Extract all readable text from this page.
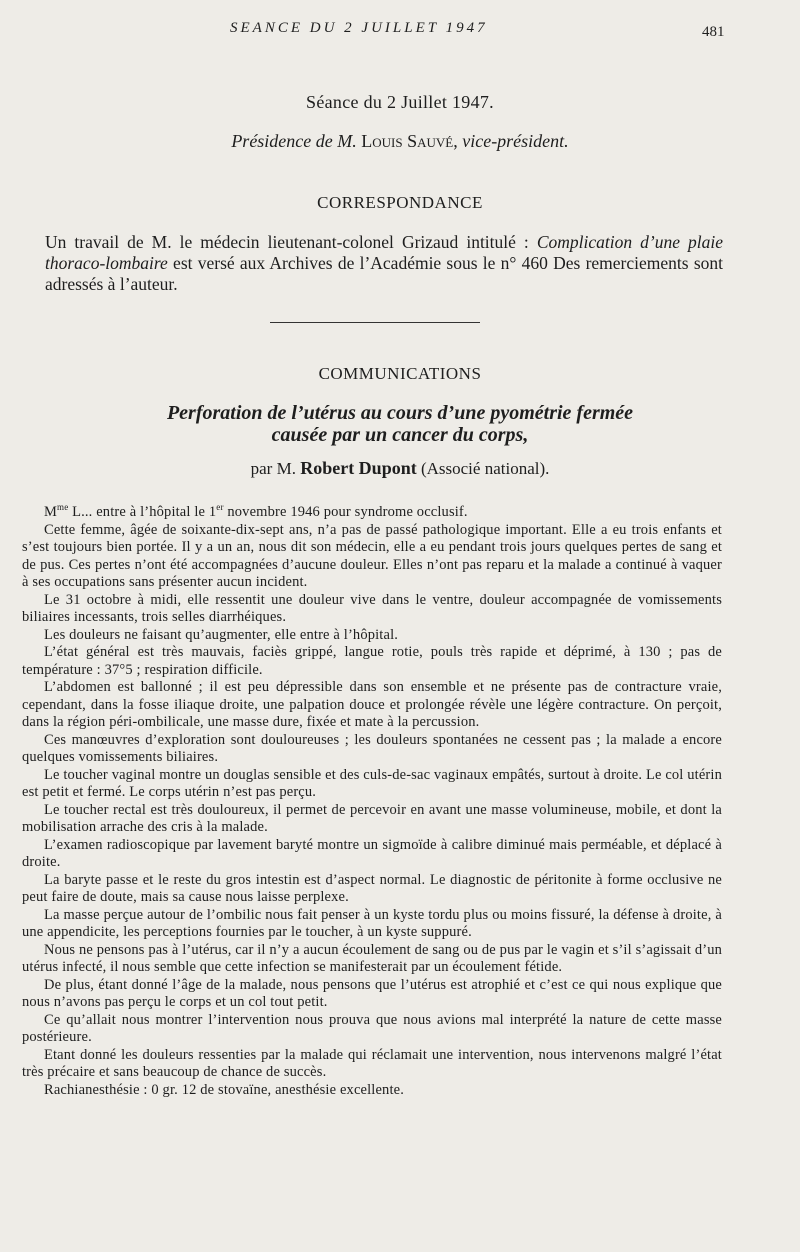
SEANCE DU 2 JUILLET 1947	481
Séance du 2 Juillet 1947.
Présidence de M. Louis Sauvé, vice-président.
CORRESPONDANCE

Un travail de M. le médecin lieutenant-colonel Grizaud intitulé : Complication d’une plaie thoraco-lombaire est versé aux Archives de l’Académie sous le n° 460 Des remerciements sont adressés à l’auteur.

COMMUNICATIONS
Perforation de l’utérus au cours d’une pyométrie fermée
causée par un cancer du corps,
par M. Robert Dupont (Associé national).

$M^{me}$ L... entre à l’hôpital le 1er novembre 1946 pour syndrome occlusif.

Cette femme, âgée de soixante-dix-sept ans, n’a pas de passé pathologique important. Elle a eu trois enfants et s’est toujours bien portée. Il y a un an, nous dit son médecin, elle a eu pendant trois jours quelques pertes de sang et de pus. Ces pertes n’ont été accompagnées d’aucune douleur. Elles n’ont pas reparu et la malade a continué à vaquer à ses occupations sans présenter aucun incident.

Le 31 octobre à midi, elle ressentit une douleur vive dans le ventre, douleur accompagnée de vomissements biliaires incessants, trois selles diarrhéiques.

Les douleurs ne faisant qu’augmenter, elle entre à l’hôpital.

L’état général est très mauvais, faciès grippé, langue rotie, pouls très rapide et déprimé, à 130 ; pas de température : 37°5 ; respiration difficile.

L’abdomen est ballonné ; il est peu dépressible dans son ensemble et ne présente pas de contracture vraie, cependant, dans la fosse iliaque droite, une palpation douce et prolongée révèle une légère contracture. On perçoit, dans la région péri-ombilicale, une masse dure, fixée et mate à la percussion.

Ces manœuvres d’exploration sont douloureuses ; les douleurs spontanées ne cessent pas ; la malade a encore quelques vomissements biliaires.

Le toucher vaginal montre un douglas sensible et des culs-de-sac vaginaux empâtés, surtout à droite. Le col utérin est petit et fermé. Le corps utérin n’est pas perçu.

Le toucher rectal est très douloureux, il permet de percevoir en avant une masse volumineuse, mobile, et dont la mobilisation arrache des cris à la malade.

L’examen radioscopique par lavement baryté montre un sigmoïde à calibre diminué mais perméable, et déplacé à droite.

La baryte passe et le reste du gros intestin est d’aspect normal. Le diagnostic de péritonite à forme occlusive ne peut faire de doute, mais sa cause nous laisse perplexe.

La masse perçue autour de l’ombilic nous fait penser à un kyste tordu plus ou moins fissuré, la défense à droite, à une appendicite, les perceptions fournies par le toucher, à un kyste suppuré.

Nous ne pensons pas à l’utérus, car il n’y a aucun écoulement de sang ou de pus par le vagin et s’il s’agissait d’un utérus infecté, il nous semble que cette infection se manifesterait par un écoulement fétide.

De plus, étant donné l’âge de la malade, nous pensons que l’utérus est atrophié et c’est ce qui nous explique que nous n’avons pas perçu le corps et un col tout petit.

Ce qu’allait nous montrer l’intervention nous prouva que nous avions mal interprété la nature de cette masse postérieure.

Etant donné les douleurs ressenties par la malade qui réclamait une intervention, nous intervenons malgré l’état très précaire et sans beaucoup de chance de succès.

Rachianesthésie : 0 gr. 12 de stovaïne, anesthésie excellente.
